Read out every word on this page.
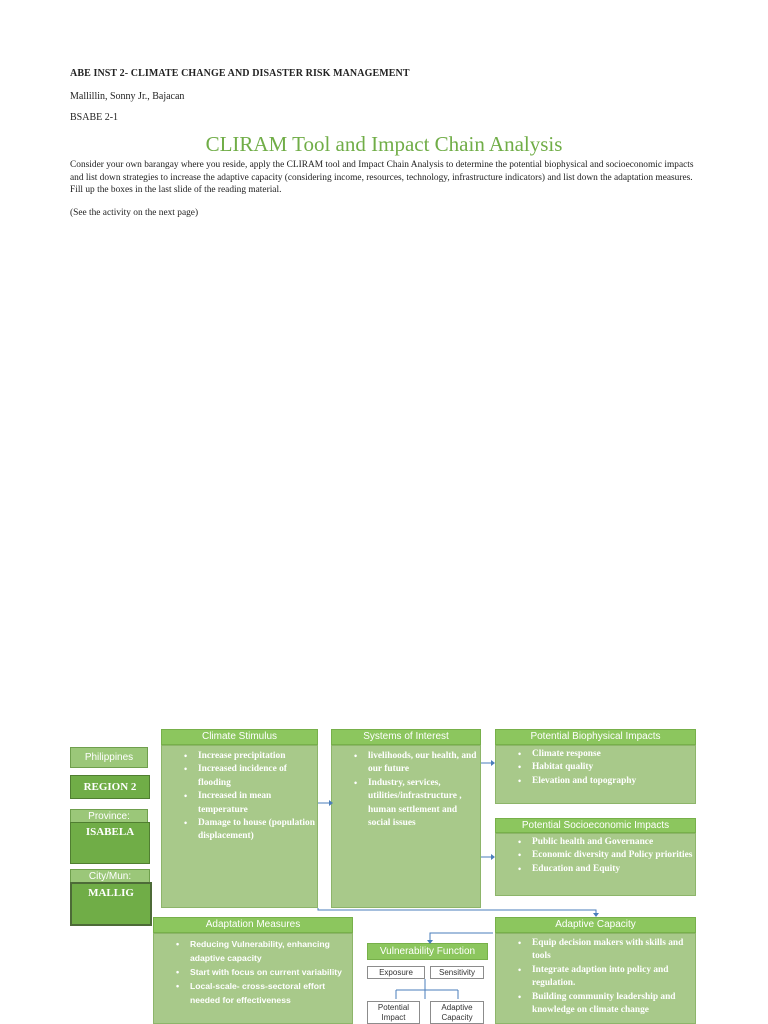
ABE INST 2- CLIMATE CHANGE AND DISASTER RISK MANAGEMENT
Mallillin, Sonny Jr., Bajacan
BSABE 2-1
CLIRAM Tool and Impact Chain Analysis
Consider your own barangay where you reside, apply the CLIRAM tool and Impact Chain Analysis to determine the potential biophysical and socioeconomic impacts and list down strategies to increase the adaptive capacity (considering income, resources, technology, infrastructure indicators) and list down the adaptation measures. Fill up the boxes in the last slide of the reading material.
(See the activity on the next page)
Philippines
REGION 2
Province:
ISABELA
City/Mun:
MALLIG
Climate Stimulus
• Increase precipitation
• Increased incidence of flooding
• Increased in mean temperature
• Damage to house (population displacement)
Systems of Interest
• livelihoods, our health, and our future
• Industry, services, utilities/infrastructure , human settlement and social issues
Potential Biophysical Impacts
• Climate response
• Habitat quality
• Elevation and topography
Potential Socioeconomic Impacts
• Public health and Governance
• Economic diversity and Policy priorities
• Education and Equity
Adaptation Measures
• Reducing Vulnerability, enhancing adaptive capacity
• Start with focus on current variability
• Local-scale- cross-sectoral effort needed for effectiveness
Vulnerability Function
Exposure	Sensitivity
Potential Impact
Adaptive Capacity
Adaptive Capacity
• Equip decision makers with skills and tools
• Integrate adaption into policy and regulation.
• Building community leadership and knowledge on climate change
